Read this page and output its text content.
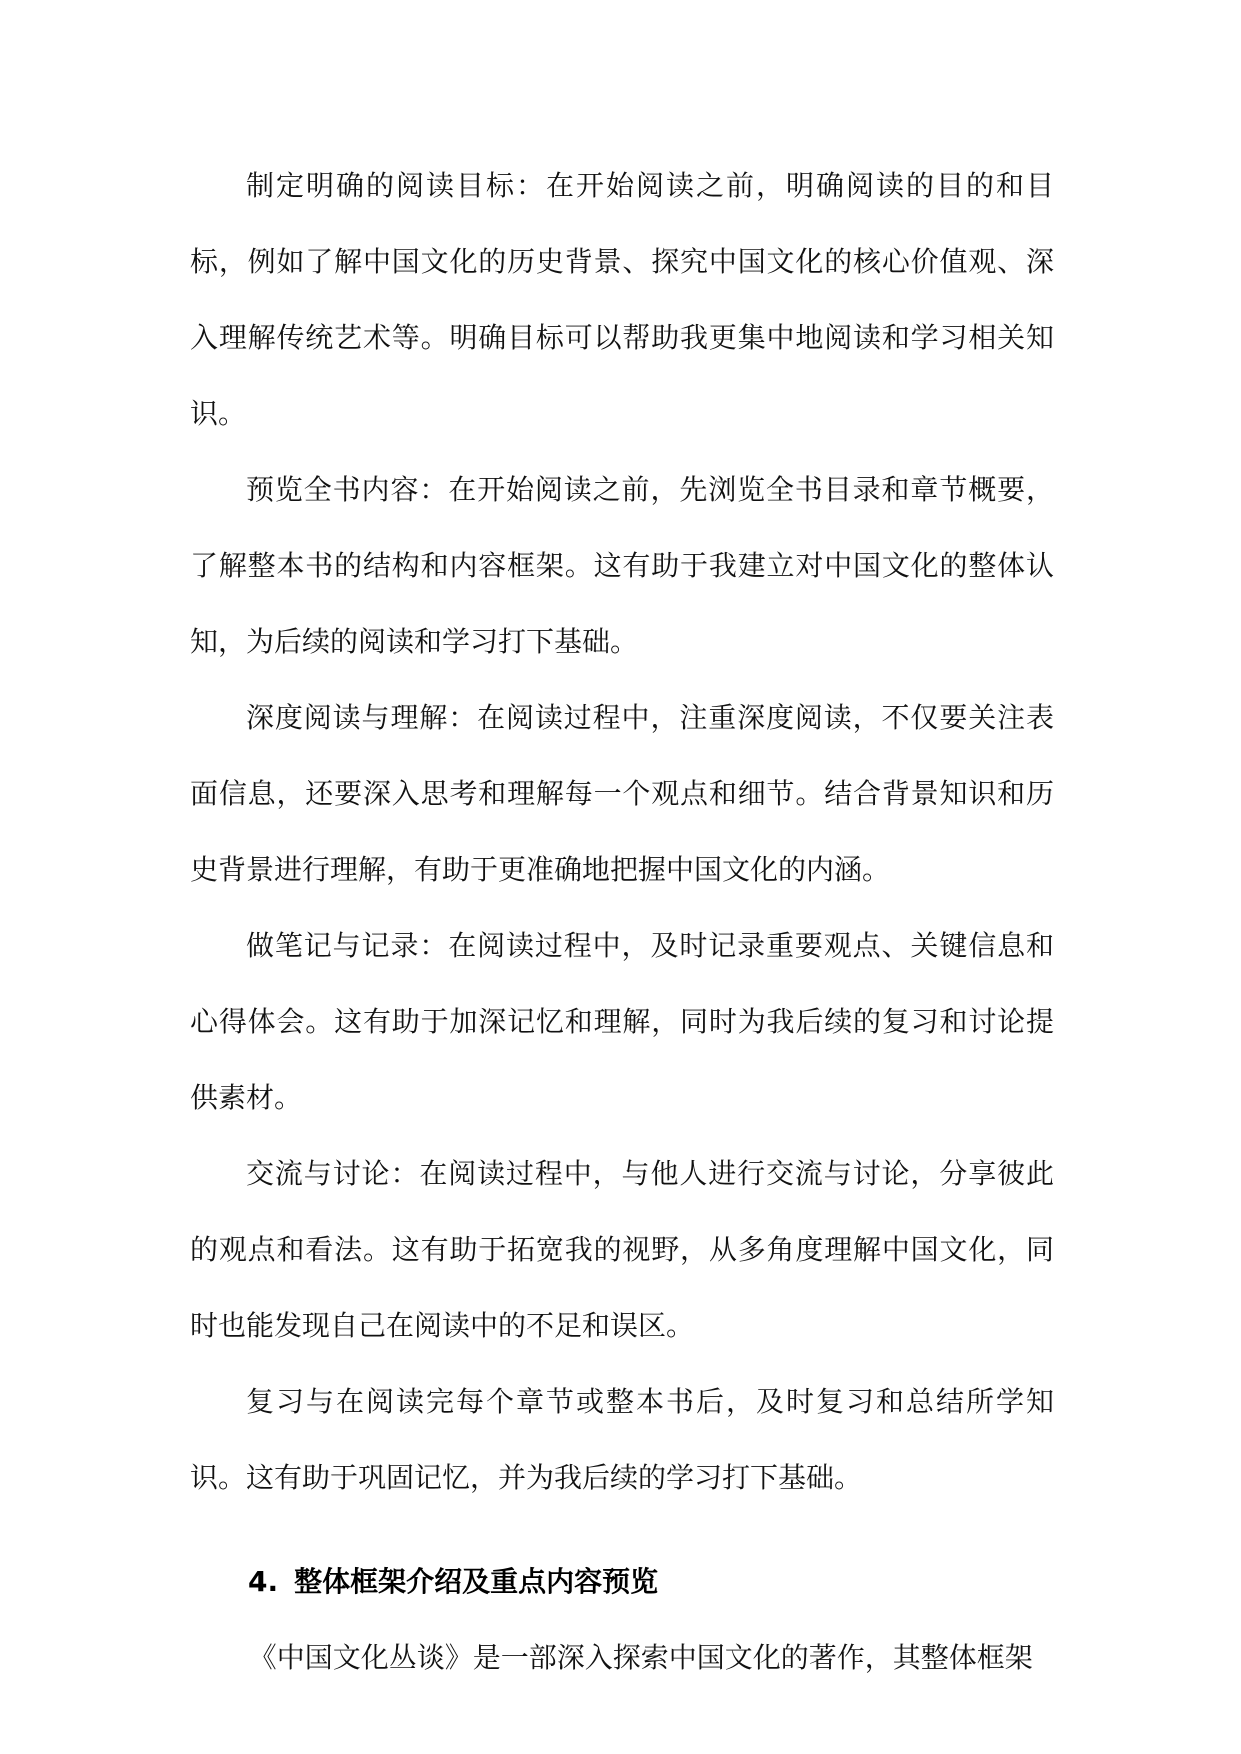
制定明确的阅读目标：在开始阅读之前，明确阅读的目的和目标，例如了解中国文化的历史背景、探究中国文化的核心价值观、深入理解传统艺术等。明确目标可以帮助我更集中地阅读和学习相关知识。

预览全书内容：在开始阅读之前，先浏览全书目录和章节概要，了解整本书的结构和内容框架。这有助于我建立对中国文化的整体认知，为后续的阅读和学习打下基础。

深度阅读与理解：在阅读过程中，注重深度阅读，不仅要关注表面信息，还要深入思考和理解每一个观点和细节。结合背景知识和历史背景进行理解，有助于更准确地把握中国文化的内涵。

做笔记与记录：在阅读过程中，及时记录重要观点、关键信息和心得体会。这有助于加深记忆和理解，同时为我后续的复习和讨论提供素材。

交流与讨论：在阅读过程中，与他人进行交流与讨论，分享彼此的观点和看法。这有助于拓宽我的视野，从多角度理解中国文化，同时也能发现自己在阅读中的不足和误区。

复习与在阅读完每个章节或整本书后，及时复习和总结所学知识。这有助于巩固记忆，并为我后续的学习打下基础。

4. 整体框架介绍及重点内容预览

《中国文化丛谈》是一部深入探索中国文化的著作，其整体框架
